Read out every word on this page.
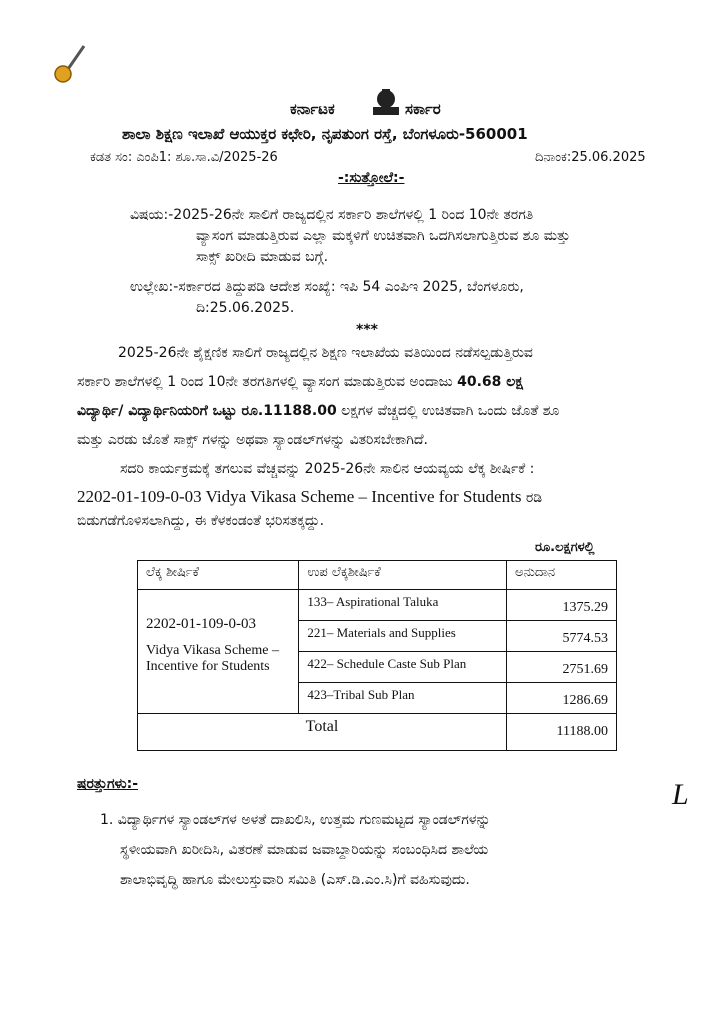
ಕರ್ನಾಟಕ	ಸರ್ಕಾರ
ಶಾಲಾ ಶಿಕ್ಷಣ ಇಲಾಖೆ ಆಯುಕ್ತರ ಕಛೇರಿ, ನೃಪತುಂಗ ರಸ್ತೆ, ಬೆಂಗಳೂರು-560001
ಕಡತ ಸಂ: ಎಂಪಿ1: ಶೂ.ಸಾ.ವಿ/2025-26	ದಿನಾಂಕ:25.06.2025
-:ಸುತ್ತೋಲೆ:-
ವಿಷಯ:-2025-26ನೇ ಸಾಲಿಗೆ ರಾಜ್ಯದಲ್ಲಿನ ಸರ್ಕಾರಿ ಶಾಲೆಗಳಲ್ಲಿ 1 ರಿಂದ 10ನೇ ತರಗತಿ
ವ್ಯಾಸಂಗ ಮಾಡುತ್ತಿರುವ ಎಲ್ಲಾ ಮಕ್ಕಳಿಗೆ ಉಚಿತವಾಗಿ ಒದಗಿಸಲಾಗುತ್ತಿರುವ ಶೂ ಮತ್ತು
ಸಾಕ್ಸ್ ಖರೀದಿ ಮಾಡುವ ಬಗ್ಗೆ.
ಉಲ್ಲೇಖ:-ಸರ್ಕಾರದ ತಿದ್ದುಪಡಿ ಆದೇಶ ಸಂಖ್ಯೆ: ಇಪಿ 54 ಎಂಪಿಇ 2025, ಬೆಂಗಳೂರು,
ದಿ:25.06.2025.
***
2025-26ನೇ ಶೈಕ್ಷಣಿಕ ಸಾಲಿಗೆ ರಾಜ್ಯದಲ್ಲಿನ ಶಿಕ್ಷಣ ಇಲಾಖೆಯ ವತಿಯಿಂದ ನಡೆಸಲ್ಪಡುತ್ತಿರುವ
ಸರ್ಕಾರಿ ಶಾಲೆಗಳಲ್ಲಿ 1 ರಿಂದ 10ನೇ ತರಗತಿಗಳಲ್ಲಿ ವ್ಯಾಸಂಗ ಮಾಡುತ್ತಿರುವ ಅಂದಾಜು 40.68 ಲಕ್ಷ
ವಿದ್ಯಾರ್ಥಿ/ ವಿದ್ಯಾರ್ಥಿನಿಯರಿಗೆ ಒಟ್ಟು ರೂ.11188.00 ಲಕ್ಷಗಳ ವೆಚ್ಚದಲ್ಲಿ ಉಚಿತವಾಗಿ ಒಂದು ಜೊತೆ ಶೂ
ಮತ್ತು ಎರಡು ಜೊತೆ ಸಾಕ್ಸ್ ಗಳನ್ನು ಅಥವಾ ಸ್ಯಾಂಡಲ್‌ಗಳನ್ನು ವಿತರಿಸಬೇಕಾಗಿದೆ.
ಸದರಿ ಕಾರ್ಯಕ್ರಮಕ್ಕೆ ತಗಲುವ ವೆಚ್ಚವನ್ನು 2025-26ನೇ ಸಾಲಿನ ಆಯವ್ಯಯ ಲೆಕ್ಕ ಶೀರ್ಷಿಕೆ :
2202-01-109-0-03 Vidya Vikasa Scheme – Incentive for Students ರಡಿ
ಬಿಡುಗಡೆಗೊಳಿಸಲಾಗಿದ್ದು, ಈ ಕೆಳಕಂಡಂತೆ ಭರಿಸತಕ್ಕದ್ದು.
ರೂ.ಲಕ್ಷಗಳಲ್ಲಿ
ಲೆಕ್ಕ ಶೀರ್ಷಿಕೆ	ಉಪ ಲೆಕ್ಕಶೀರ್ಷಿಕೆ	ಅನುದಾನ

2202-01-109-0-03
Vidya Vikasa Scheme – Incentive for Students	133– Aspirational Taluka	1375.29
	221– Materials and Supplies	5774.53
	422– Schedule Caste Sub Plan	2751.69
	423–Tribal Sub Plan	1286.69
Total		11188.00
ಷರತ್ತುಗಳು:-
1. ವಿದ್ಯಾರ್ಥಿಗಳ ಸ್ಯಾಂಡಲ್‌ಗಳ ಅಳತೆ ದಾಖಲಿಸಿ, ಉತ್ತಮ ಗುಣಮಟ್ಟದ ಸ್ಯಾಂಡಲ್‌ಗಳನ್ನು
ಸ್ಥಳೀಯವಾಗಿ ಖರೀದಿಸಿ, ವಿತರಣೆ ಮಾಡುವ ಜವಾಬ್ದಾರಿಯನ್ನು ಸಂಬಂಧಿಸಿದ ಶಾಲೆಯ
ಶಾಲಾಭಿವೃದ್ಧಿ ಹಾಗೂ ಮೇಲುಸ್ತುವಾರಿ ಸಮಿತಿ (ಎಸ್.ಡಿ.ಎಂ.ಸಿ)ಗೆ ವಹಿಸುವುದು.
L
